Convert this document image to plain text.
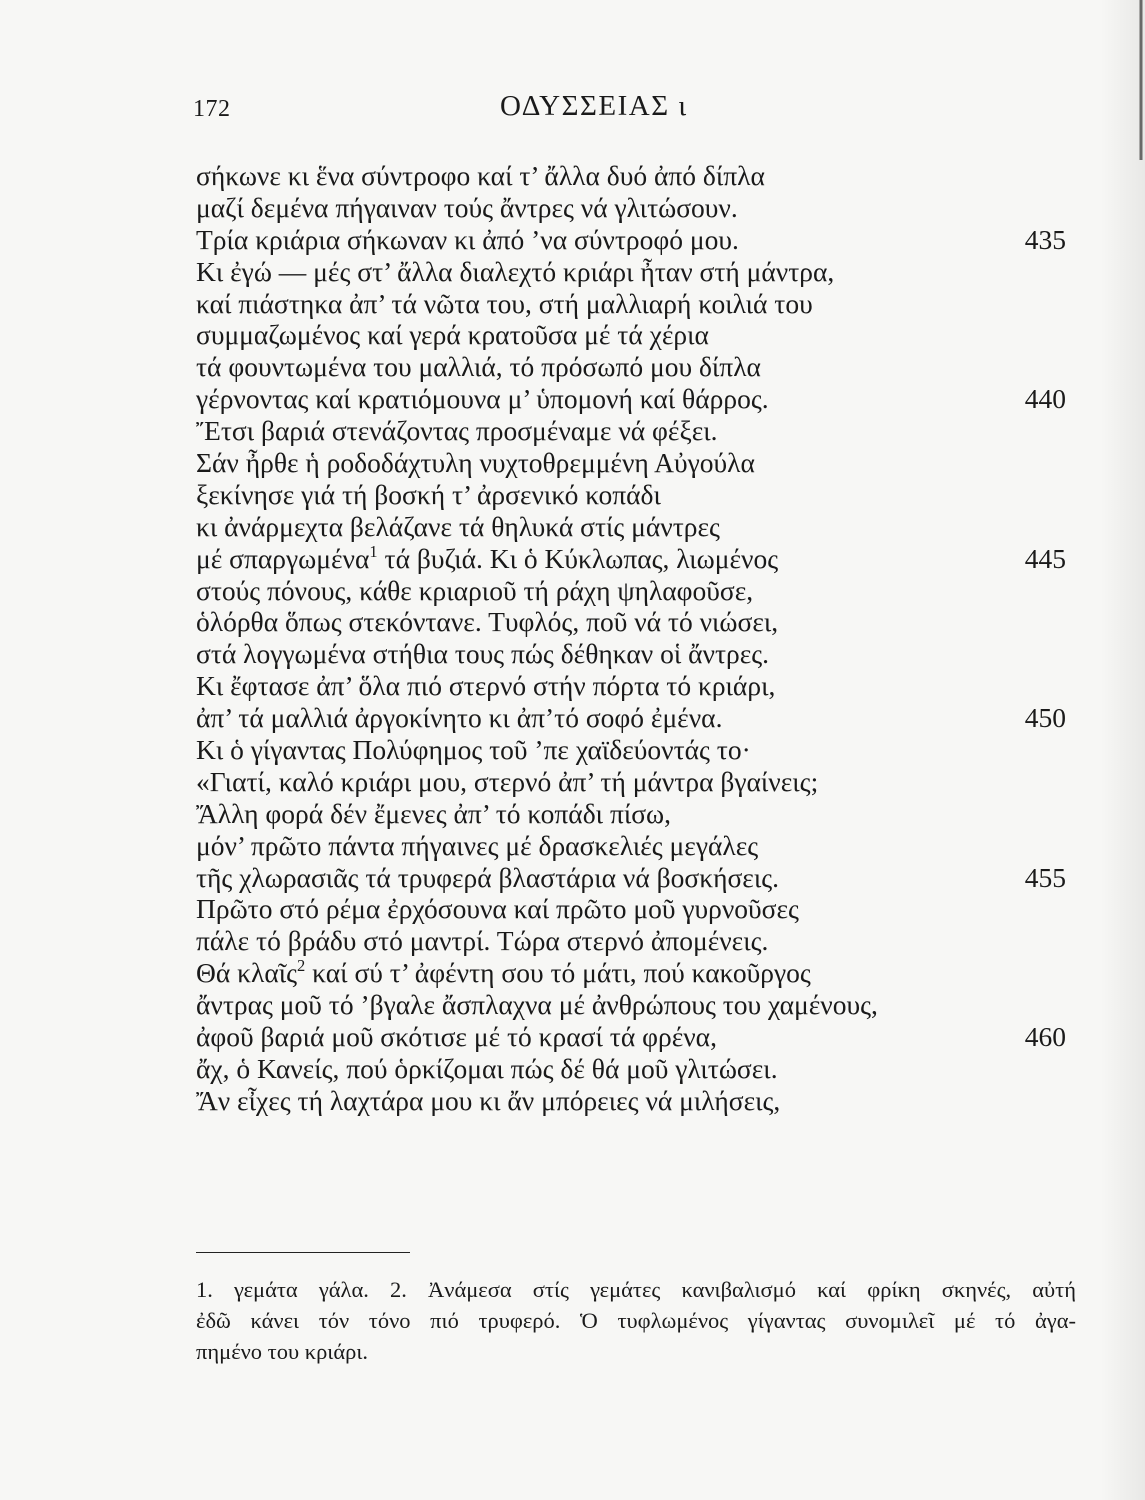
172	ΟΔΥΣΣΕΙΑΣ ι
σήκωνε κι ἕνα σύντροφο καί τ’ ἄλλα δυό ἀπό δίπλα
μαζί δεμένα πήγαιναν τούς ἄντρες νά γλιτώσουν.
Τρία κριάρια σήκωναν κι ἀπό ’να σύντροφό μου.	435
Κι ἐγώ — μές στ’ ἄλλα διαλεχτό κριάρι ἦταν στή μάντρα,
καί πιάστηκα ἀπ’ τά νῶτα του, στή μαλλιαρή κοιλιά του
συμμαζωμένος καί γερά κρατοῦσα μέ τά χέρια
τά φουντωμένα του μαλλιά, τό πρόσωπό μου δίπλα
γέρνοντας καί κρατιόμουνα μ’ ὑπομονή καί θάρρος.	440
Ἔτσι βαριά στενάζοντας προσμέναμε νά φέξει.
Σάν ἦρθε ἡ ροδοδάχτυλη νυχτοθρεμμένη Αὐγούλα
ξεκίνησε γιά τή βοσκή τ’ ἀρσενικό κοπάδι
κι ἀνάρμεχτα βελάζανε τά θηλυκά στίς μάντρες
μέ σπαργωμένα$^1$ τά βυζιά. Κι ὁ Κύκλωπας, λιωμένος	445
στούς πόνους, κάθε κριαριοῦ τή ράχη ψηλαφοῦσε,
ὁλόρθα ὅπως στεκόντανε. Τυφλός, ποῦ νά τό νιώσει,
στά λογγωμένα στήθια τους πώς δέθηκαν οἱ ἄντρες.
Κι ἔφτασε ἀπ’ ὅλα πιό στερνό στήν πόρτα τό κριάρι,
ἀπ’ τά μαλλιά ἀργοκίνητο κι ἀπ’τό σοφό ἐμένα.	450
Κι ὁ γίγαντας Πολύφημος τοῦ ’πε χαϊδεύοντάς το·
«Γιατί, καλό κριάρι μου, στερνό ἀπ’ τή μάντρα βγαίνεις;
Ἄλλη φορά δέν ἔμενες ἀπ’ τό κοπάδι πίσω,
μόν’ πρῶτο πάντα πήγαινες μέ δρασκελιές μεγάλες
τῆς χλωρασιᾶς τά τρυφερά βλαστάρια νά βοσκήσεις.	455
Πρῶτο στό ρέμα ἐρχόσουνα καί πρῶτο μοῦ γυρνοῦσες
πάλε τό βράδυ στό μαντρί. Τώρα στερνό ἀπομένεις.
Θά κλαῖς$^2$ καί σύ τ’ ἀφέντη σου τό μάτι, πού κακοῦργος
ἄντρας μοῦ τό ’βγαλε ἄσπλαχνα μέ ἀνθρώπους του χαμένους,
ἀφοῦ βαριά μοῦ σκότισε μέ τό κρασί τά φρένα,	460
ἄχ, ὁ Κανείς, πού ὁρκίζομαι πώς δέ θά μοῦ γλιτώσει.
Ἄν εἶχες τή λαχτάρα μου κι ἄν μπόρειες νά μιλήσεις,
1. γεμάτα γάλα. 2. Ἀνάμεσα στίς γεμάτες κανιβαλισμό καί φρίκη σκηνές, αὐτή
ἐδῶ κάνει τόν τόνο πιό τρυφερό. Ὁ τυφλωμένος γίγαντας συνομιλεῖ μέ τό ἀγα-
πημένο του κριάρι.
